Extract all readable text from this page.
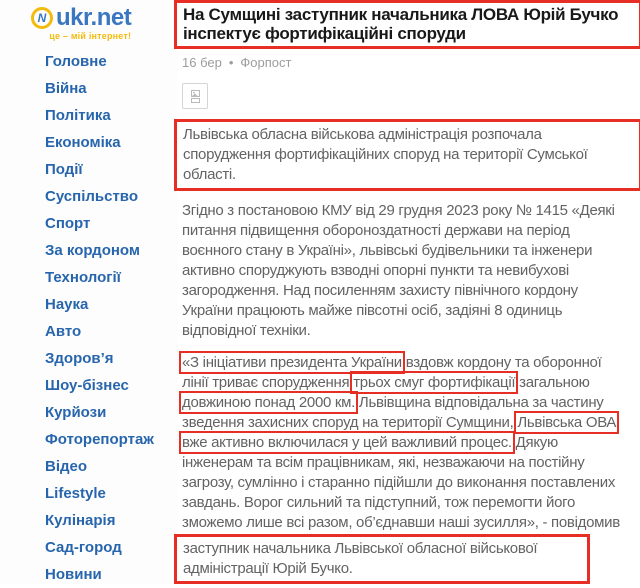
N ukr.net
це – мій інтернет!
Головне
Війна
Політика
Економіка
Події
Суспільство
Спорт
За кордоном
Технології
Наука
Авто
Здоров’я
Шоу-бізнес
Курйози
Фоторепортаж
Відео
Lifestyle
Кулінарія
Сад-город
Новини
На Сумщині заступник начальника ЛОВА Юрій Бучко
інспектує фортифікаційні споруди
16 бер • Форпост
Львівська обласна військова адміністрація розпочала
спорудження фортифікаційних споруд на території Сумської
області.
Згідно з постановою КМУ від 29 грудня 2023 року № 1415 «Деякі
питання підвищення обороноздатності держави на період
воєнного стану в Україні», львівські будівельники та інженери
активно споруджують взводні опорні пункти та невибухові
загородження. Над посиленням захисту північного кордону
України працюють майже півсотні осіб, задіяні 8 одиниць
відповідної техніки.
«З ініціативи президента України вздовж кордону та оборонної
лінії триває спорудження трьох смуг фортифікації загальною
довжиною понад 2000 км. Львівщина відповідальна за частину
зведення захисних споруд на території Сумщини, Львівська ОВА
вже активно включилася у цей важливий процес. Дякую
інженерам та всім працівникам, які, незважаючи на постійну
загрозу, сумлінно і старанно підійшли до виконання поставлених
завдань. Ворог сильний та підступний, тож перемогти його
зможемо лише всі разом, об’єднавши наші зусилля», - повідомив
заступник начальника Львівської обласної військової
адміністрації Юрій Бучко.
